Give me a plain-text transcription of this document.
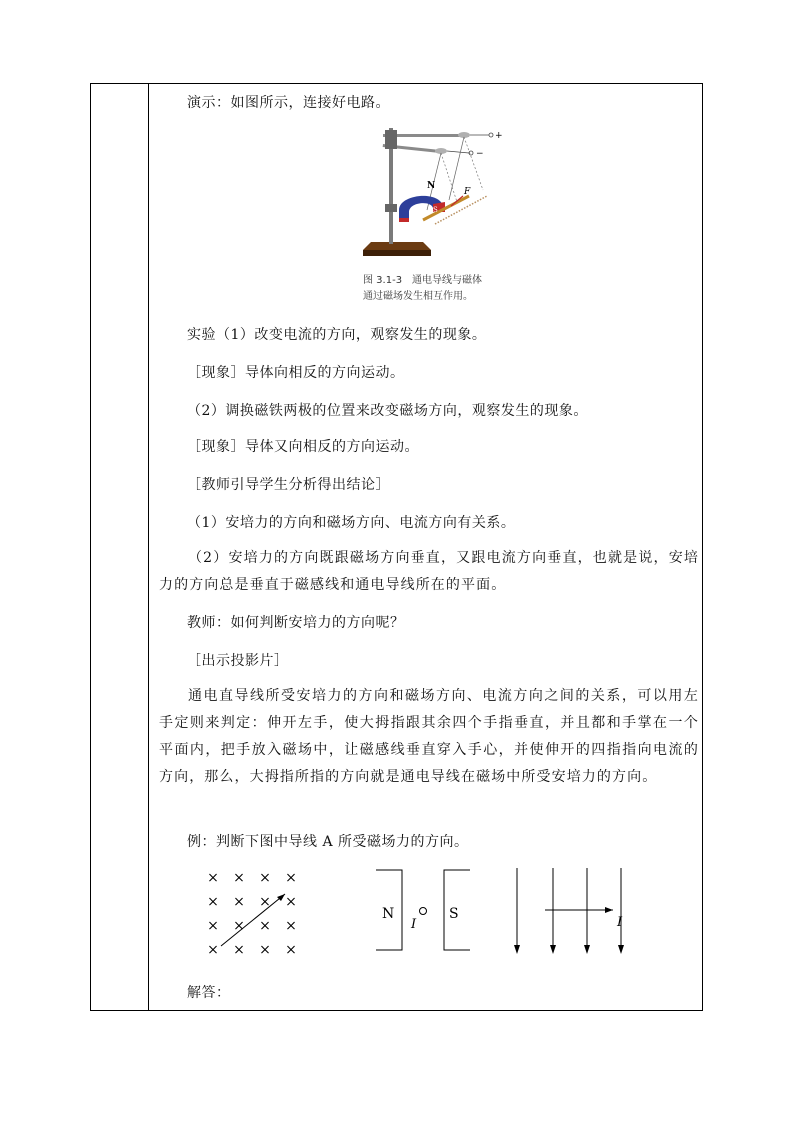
演示：如图所示，连接好电路。
+
−
N
F
S
图 3.1-3　通电导线与磁体
通过磁场发生相互作用。
实验（1）改变电流的方向，观察发生的现象。
［现象］导体向相反的方向运动。
（2）调换磁铁两极的位置来改变磁场方向，观察发生的现象。
［现象］导体又向相反的方向运动。
［教师引导学生分析得出结论］
（1）安培力的方向和磁场方向、电流方向有关系。
（2）安培力的方向既跟磁场方向垂直，又跟电流方向垂直，也就是说，安培力的方向总是垂直于磁感线和通电导线所在的平面。
教师：如何判断安培力的方向呢？
［出示投影片］
通电直导线所受安培力的方向和磁场方向、电流方向之间的关系，可以用左手定则来判定：伸开左手，使大拇指跟其余四个手指垂直，并且都和手掌在一个平面内，把手放入磁场中，让磁感线垂直穿入手心，并使伸开的四指指向电流的方向，那么，大拇指所指的方向就是通电导线在磁场中所受安培力的方向。
例：判断下图中导线 A 所受磁场力的方向。
× × × ×
× × × ×
× × × ×
× × × ×
N	S
I	I
解答：
